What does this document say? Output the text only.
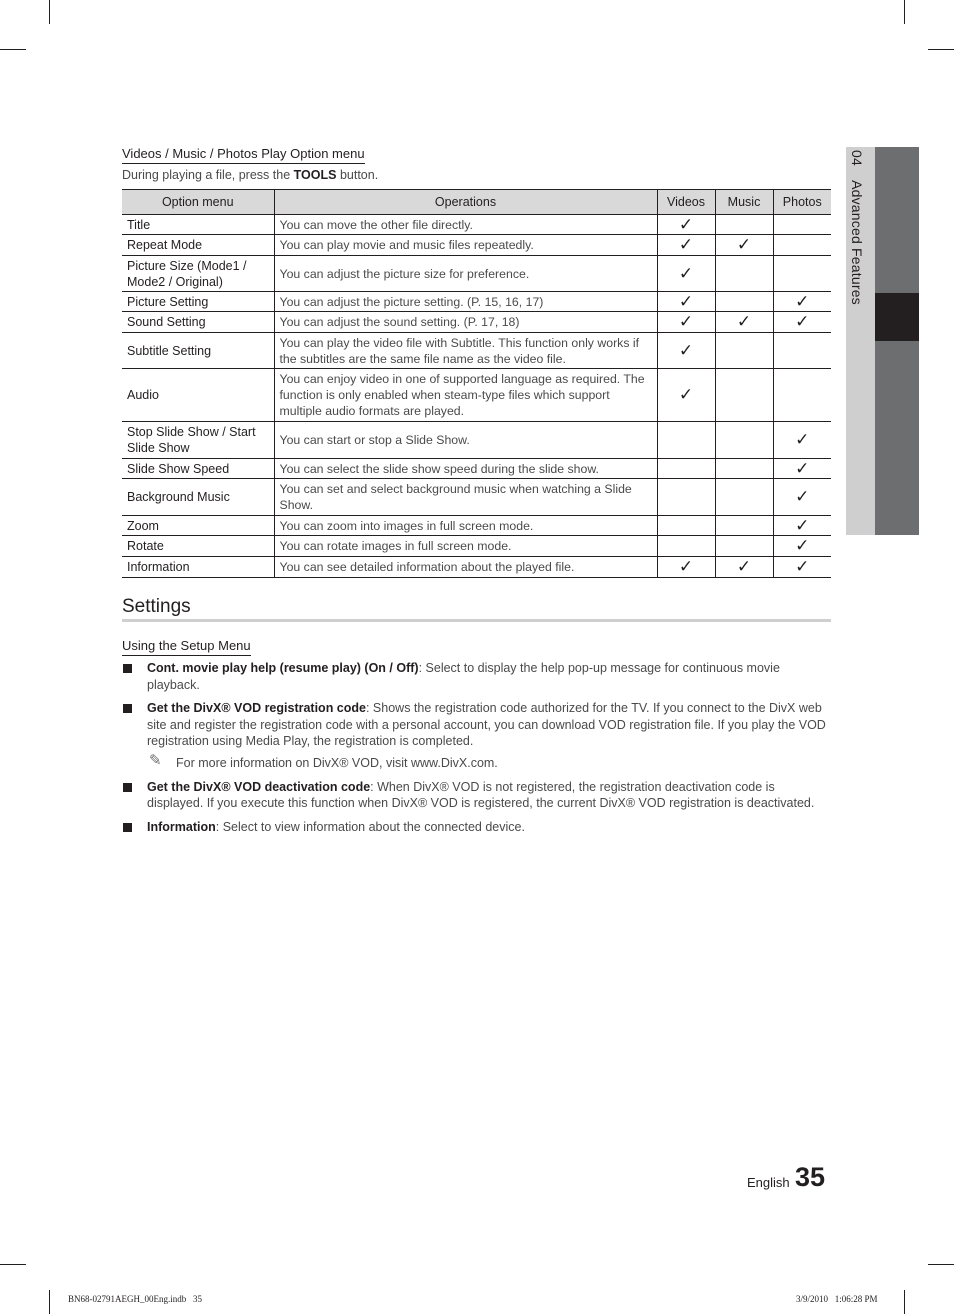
04 Advanced Features
Videos / Music / Photos Play Option menu
During playing a file, press the TOOLS button.
Option menu	Operations	Videos	Music	Photos
Title	You can move the other file directly.	✓		
Repeat Mode	You can play movie and music files repeatedly.	✓	✓	
Picture Size (Mode1 / Mode2 / Original)	You can adjust the picture size for preference.	✓		
Picture Setting	You can adjust the picture setting. (P. 15, 16, 17)	✓		✓
Sound Setting	You can adjust the sound setting. (P. 17, 18)	✓	✓	✓
Subtitle Setting	You can play the video file with Subtitle. This function only works if the subtitles are the same file name as the video file.	✓		
Audio	You can enjoy video in one of supported language as required. The function is only enabled when steam-type files which support multiple audio formats are played.	✓		
Stop Slide Show / Start Slide Show	You can start or stop a Slide Show.			✓
Slide Show Speed	You can select the slide show speed during the slide show.			✓
Background Music	You can set and select background music when watching a Slide Show.			✓
Zoom	You can zoom into images in full screen mode.			✓
Rotate	You can rotate images in full screen mode.			✓
Information	You can see detailed information about the played file.	✓	✓	✓
Settings
Using the Setup Menu
Cont. movie play help (resume play) (On / Off): Select to display the help pop-up message for continuous movie playback.
Get the DivX® VOD registration code: Shows the registration code authorized for the TV. If you connect to the DivX web site and register the registration code with a personal account, you can download VOD registration file. If you play the VOD registration using Media Play, the registration is completed.
✎ For more information on DivX® VOD, visit www.DivX.com.
Get the DivX® VOD deactivation code: When DivX® VOD is not registered, the registration deactivation code is displayed. If you execute this function when DivX® VOD is registered, the current DivX® VOD registration is deactivated.
Information: Select to view information about the connected device.
English 35
BN68-02791AEGH_00Eng.indb   35	3/9/2010   1:06:28 PM
